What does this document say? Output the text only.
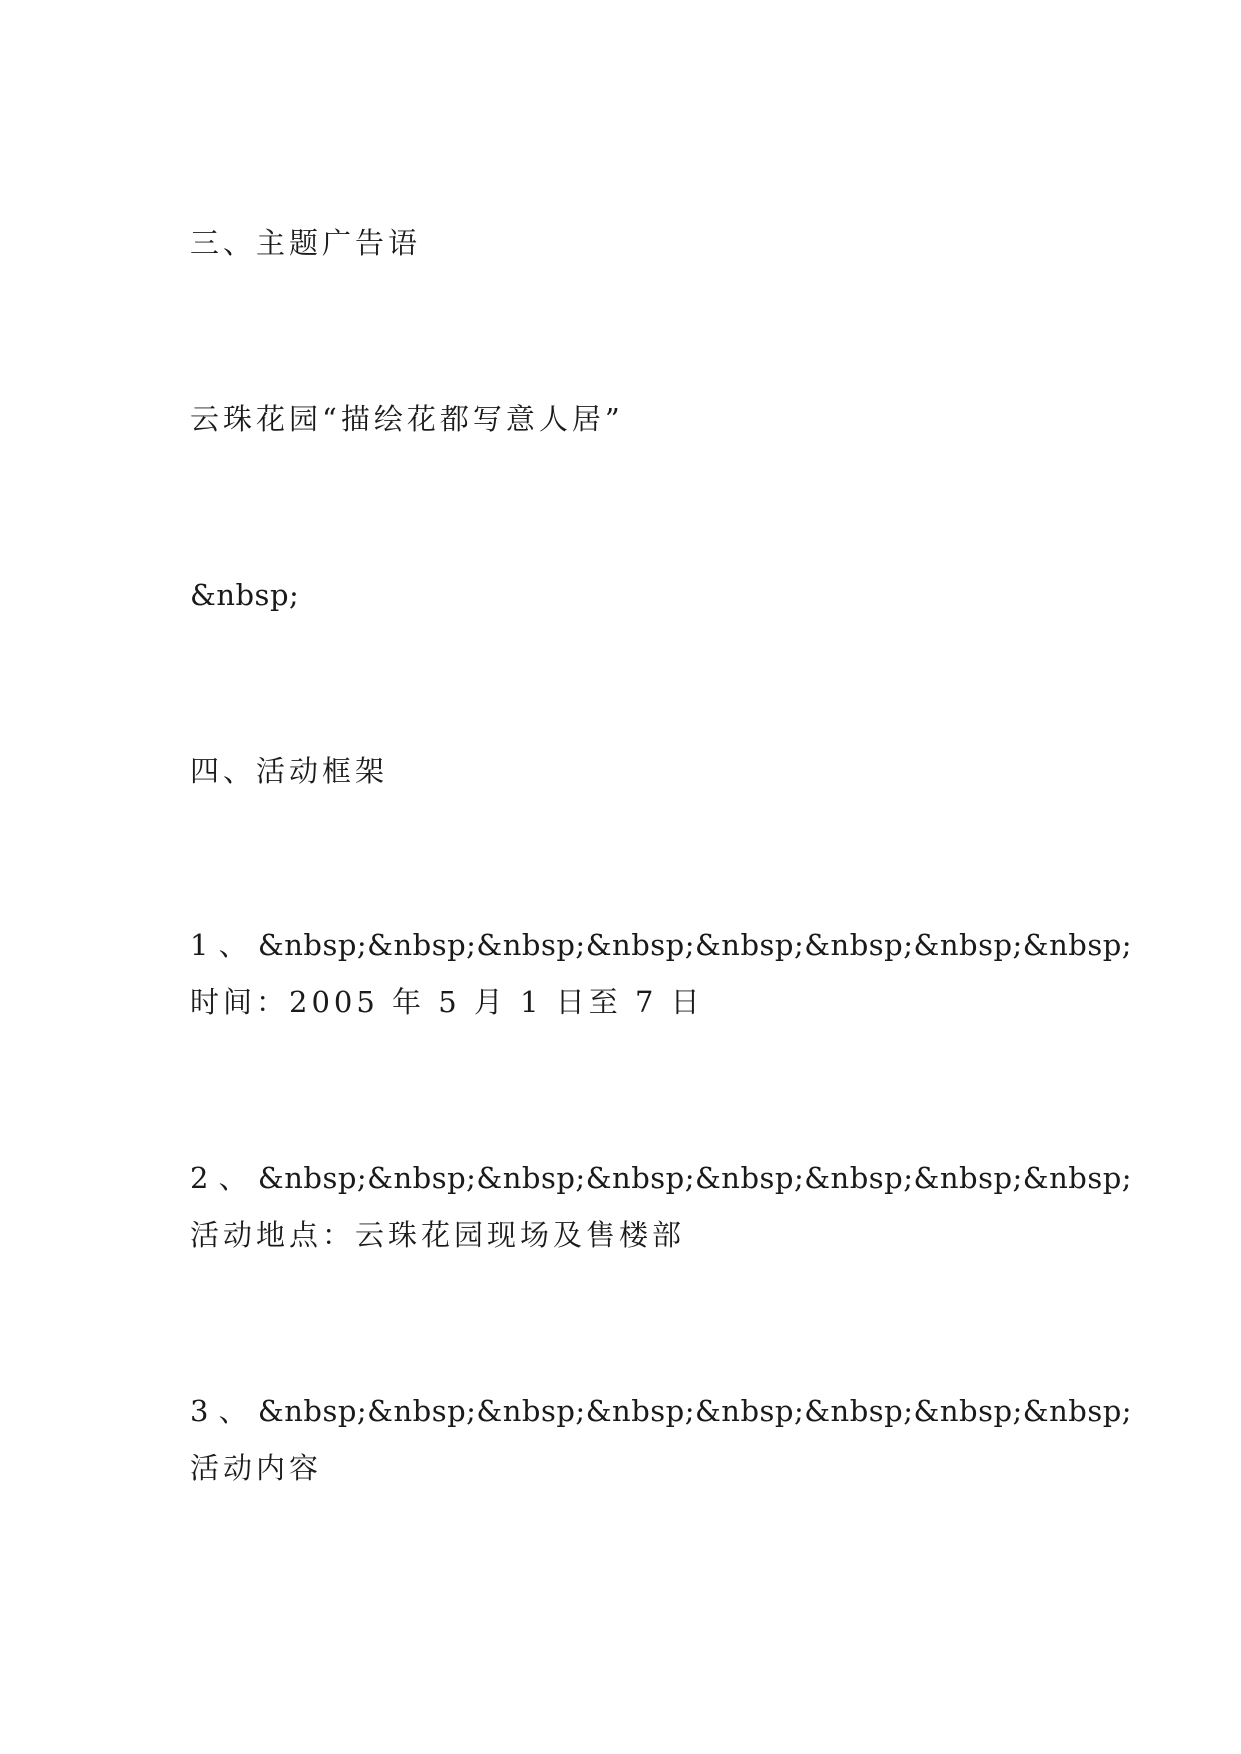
三、主题广告语

云珠花园“描绘花都写意人居”

&nbsp;

四、活动框架

1 、 &nbsp;&nbsp;&nbsp;&nbsp;&nbsp;&nbsp;&nbsp;&nbsp;

时间：2005 年 5 月 1 日至 7 日

2 、 &nbsp;&nbsp;&nbsp;&nbsp;&nbsp;&nbsp;&nbsp;&nbsp;

活动地点：云珠花园现场及售楼部

3 、 &nbsp;&nbsp;&nbsp;&nbsp;&nbsp;&nbsp;&nbsp;&nbsp;

活动内容
